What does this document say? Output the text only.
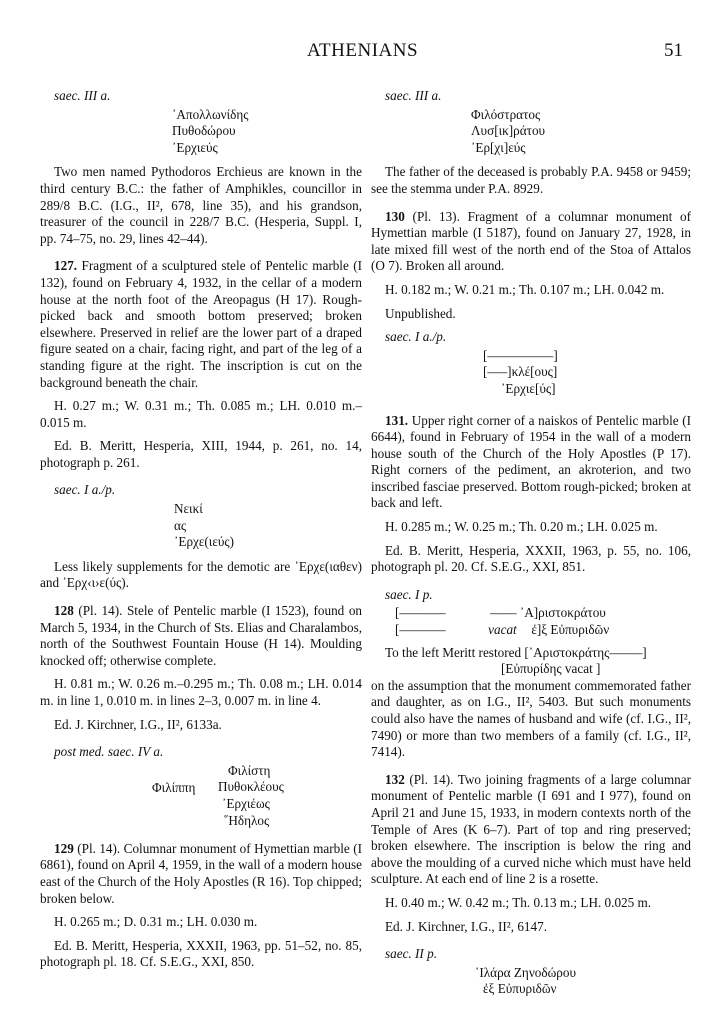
ATHENIANS	51

saec. III a.

᾿Απολλωνίδης
Πυθοδώρου
᾿Ερχιεύς

Two men named Pythodoros Erchieus are known in the third century B.C.: the father of Amphikles, councillor in 289/8 B.C. (I.G., II², 678, line 35), and his grandson, treasurer of the council in 228/7 B.C. (Hesperia, Suppl. I, pp. 74–75, no. 29, lines 42–44).

127. Fragment of a sculptured stele of Pentelic marble (I 132), found on February 4, 1932, in the cellar of a modern house at the north foot of the Areopagus (H 17). Rough-picked back and smooth bottom preserved; broken elsewhere. Preserved in relief are the lower part of a draped figure seated on a chair, facing right, and part of the leg of a standing figure at the right. The inscription is cut on the background beneath the chair.

H. 0.27 m.; W. 0.31 m.; Th. 0.085 m.; LH. 0.010 m.–0.015 m.

Ed. B. Meritt, Hesperia, XIII, 1944, p. 261, no. 14, photograph p. 261.

saec. I a./p.

Νεικί
ας
᾿Ερχε(ιεύς)

Less likely supplements for the demotic are ᾿Ερχε(ιαθεν) and ᾿Ερχ‹ι›ε(ύς).

128 (Pl. 14). Stele of Pentelic marble (I 1523), found on March 5, 1934, in the Church of Sts. Elias and Charalambos, north of the Southwest Fountain House (H 14). Moulding knocked off; otherwise complete.

H. 0.81 m.; W. 0.26 m.–0.295 m.; Th. 0.08 m.; LH. 0.014 m. in line 1, 0.010 m. in lines 2–3, 0.007 m. in line 4.

Ed. J. Kirchner, I.G., II², 6133a.

post med. saec. IV a.

Φιλίππη
Φιλίστη
Πυθοκλέους
᾿Ερχιέως
῞Ηδηλος

129 (Pl. 14). Columnar monument of Hymettian marble (I 6861), found on April 4, 1959, in the wall of a modern house east of the Church of the Holy Apostles (R 16). Top chipped; broken below.

H. 0.265 m.; D. 0.31 m.; LH. 0.030 m.

Ed. B. Meritt, Hesperia, XXXII, 1963, pp. 51–52, no. 85, photograph pl. 18. Cf. S.E.G., XXI, 850.

saec. III a.

Φιλόστρατος
Λυσ[ικ]ράτου
᾿Ερ[χι]εύς

The father of the deceased is probably P.A. 9458 or 9459; see the stemma under P.A. 8929.

130 (Pl. 13). Fragment of a columnar monument of Hymettian marble (I 5187), found on January 27, 1928, in late mixed fill west of the north end of the Stoa of Attalos (O 7). Broken all around.

H. 0.182 m.; W. 0.21 m.; Th. 0.107 m.; LH. 0.042 m.

Unpublished.

saec. I a./p.

[––––––––––]
[–––]κλέ[ους]
᾿Ερχιε[ύς]

131. Upper right corner of a naiskos of Pentelic marble (I 6644), found in February of 1954 in the wall of a modern house south of the Church of the Holy Apostles (P 17). Right corners of the pediment, an akroterion, and two inscribed fasciae preserved. Bottom rough-picked; broken at back and left.

H. 0.285 m.; W. 0.25 m.; Th. 0.20 m.; LH. 0.025 m.

Ed. B. Meritt, Hesperia, XXXII, 1963, p. 55, no. 106, photograph pl. 20. Cf. S.E.G., XXI, 851.

saec. I p.

[–––––––	–––– ᾿Α]ριστοκράτου
[–––––––	vacat ἐ]ξ Εὐπυριδῶν

To the left Meritt restored [᾿Αριστοκράτης–––––]

[Εὐπυρίδης vacat ]

on the assumption that the monument commemorated father and daughter, as on I.G., II², 5403. But such monuments could also have the names of husband and wife (cf. I.G., II², 7490) or more than two members of a family (cf. I.G., II², 7414).

132 (Pl. 14). Two joining fragments of a large columnar monument of Pentelic marble (I 691 and I 977), found on April 21 and June 15, 1933, in modern contexts north of the Temple of Ares (K 6–7). Part of top and ring preserved; broken elsewhere. The inscription is below the ring and above the moulding of a curved niche which must have held sculpture. At each end of line 2 is a rosette.

H. 0.40 m.; W. 0.42 m.; Th. 0.13 m.; LH. 0.025 m.

Ed. J. Kirchner, I.G., II², 6147.

saec. II p.

῾Ιλάρα Ζηνοδώρου
ἐξ Εὐπυριδῶν
